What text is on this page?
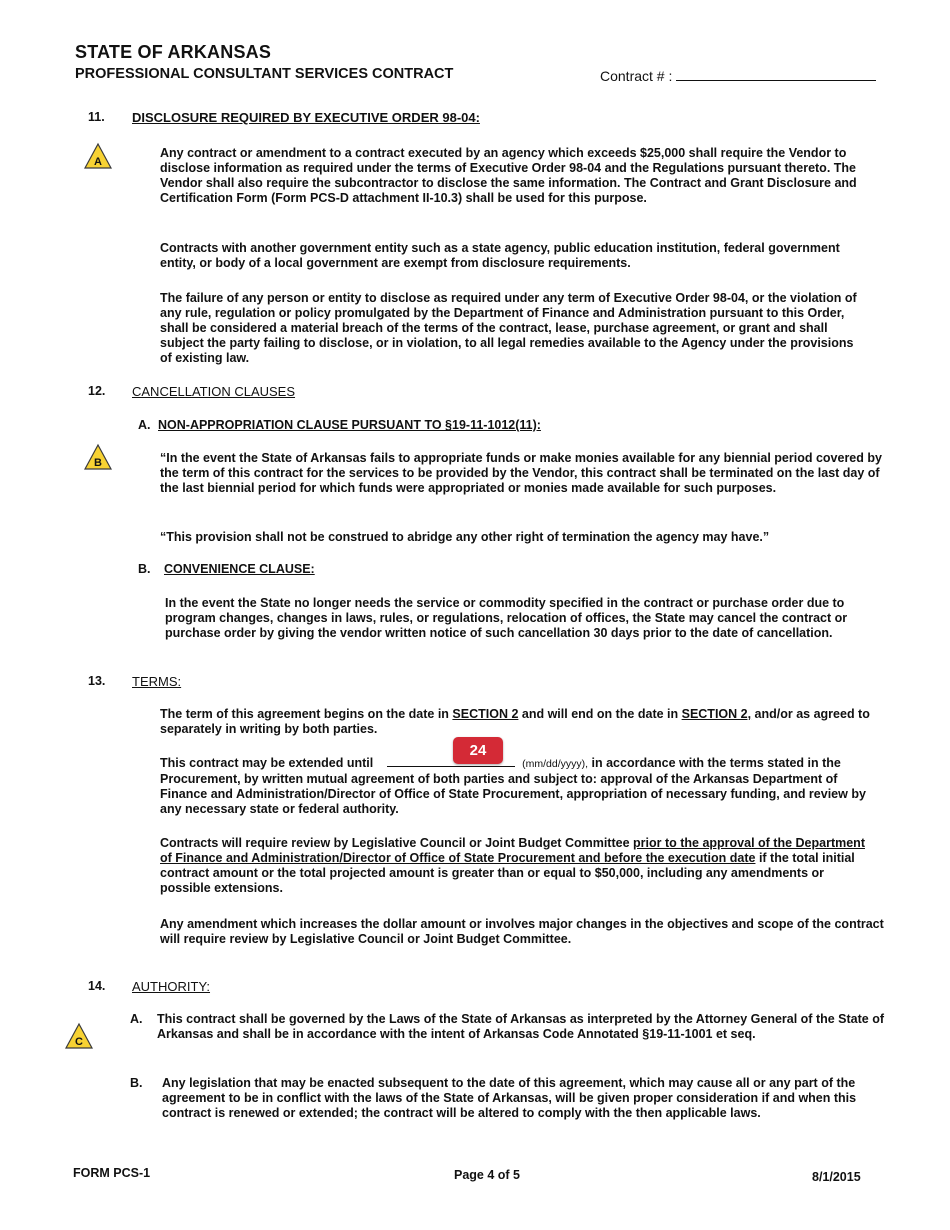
STATE OF ARKANSAS
PROFESSIONAL CONSULTANT SERVICES CONTRACT	Contract # :
11. DISCLOSURE REQUIRED BY EXECUTIVE ORDER 98-04:
A
Any contract or amendment to a contract executed by an agency which exceeds $25,000 shall require the Vendor to disclose information as required under the terms of Executive Order 98-04 and the Regulations pursuant thereto. The Vendor shall also require the subcontractor to disclose the same information. The Contract and Grant Disclosure and Certification Form (Form PCS-D attachment II-10.3) shall be used for this purpose.
Contracts with another government entity such as a state agency, public education institution, federal government entity, or body of a local government are exempt from disclosure requirements.
The failure of any person or entity to disclose as required under any term of Executive Order 98-04, or the violation of any rule, regulation or policy promulgated by the Department of Finance and Administration pursuant to this Order, shall be considered a material breach of the terms of the contract, lease, purchase agreement, or grant and shall subject the party failing to disclose, or in violation, to all legal remedies available to the Agency under the provisions of existing law.
12. CANCELLATION CLAUSES
A. NON-APPROPRIATION CLAUSE PURSUANT TO §19-11-1012(11):
B	“In the event the State of Arkansas fails to appropriate funds or make monies available for any biennial period covered by the term of this contract for the services to be provided by the Vendor, this contract shall be terminated on the last day of the last biennial period for which funds were appropriated or monies made available for such purposes.
“This provision shall not be construed to abridge any other right of termination the agency may have.”
B. CONVENIENCE CLAUSE:
In the event the State no longer needs the service or commodity specified in the contract or purchase order due to program changes, changes in laws, rules, or regulations, relocation of offices, the State may cancel the contract or purchase order by giving the vendor written notice of such cancellation 30 days prior to the date of cancellation.
13. TERMS:
The term of this agreement begins on the date in SECTION 2 and will end on the date in SECTION 2, and/or as agreed to separately in writing by both parties.
This contract may be extended until	(mm/dd/yyyy), in accordance with the terms stated in the Procurement, by written mutual agreement of both parties and subject to: approval of the Arkansas Department of Finance and Administration/Director of Office of State Procurement, appropriation of necessary funding, and review by any necessary state or federal authority.
24
Contracts will require review by Legislative Council or Joint Budget Committee prior to the approval of the Department of Finance and Administration/Director of Office of State Procurement and before the execution date if the total initial contract amount or the total projected amount is greater than or equal to $50,000, including any amendments or possible extensions.
Any amendment which increases the dollar amount or involves major changes in the objectives and scope of the contract will require review by Legislative Council or Joint Budget Committee.
14. AUTHORITY:
C
A. This contract shall be governed by the Laws of the State of Arkansas as interpreted by the Attorney General of the State of Arkansas and shall be in accordance with the intent of Arkansas Code Annotated §19-11-1001 et seq.
B. Any legislation that may be enacted subsequent to the date of this agreement, which may cause all or any part of the agreement to be in conflict with the laws of the State of Arkansas, will be given proper consideration if and when this contract is renewed or extended; the contract will be altered to comply with the then applicable laws.
FORM PCS-1	Page 4 of 5	8/1/2015
